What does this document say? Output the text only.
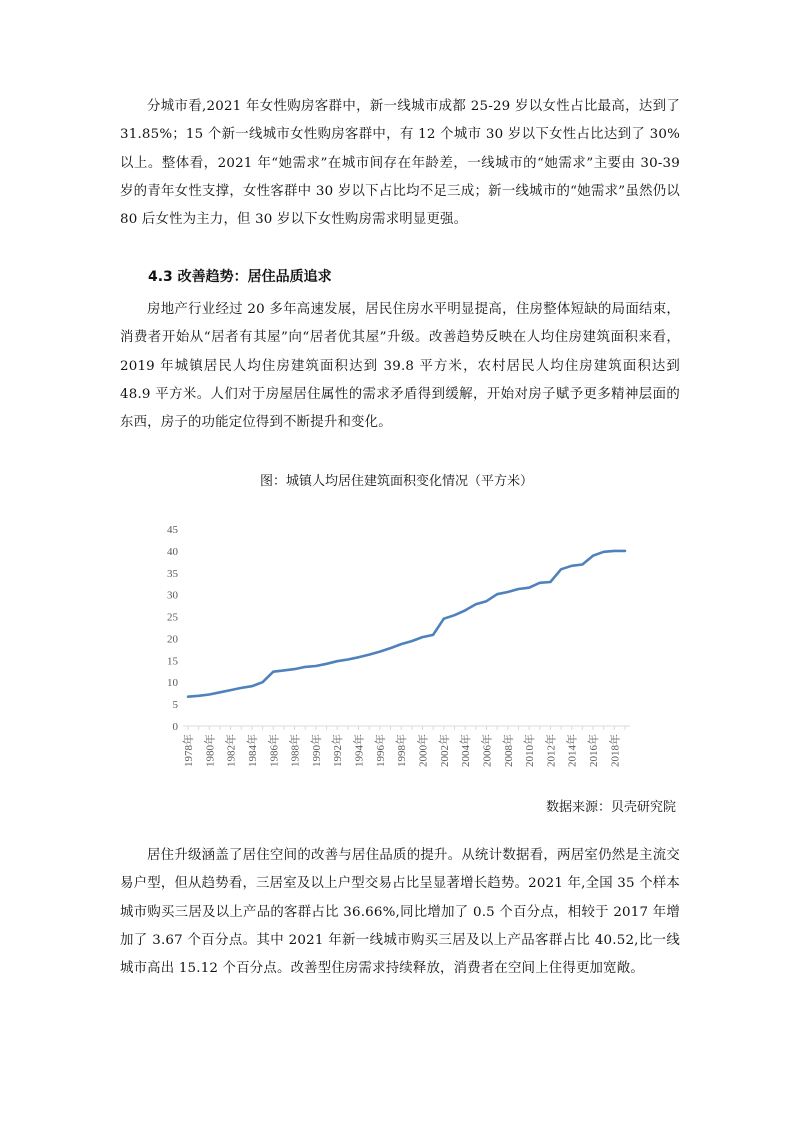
分城市看,2021 年女性购房客群中，新一线城市成都 25-29 岁以女性占比最高，达到了 31.85%；15 个新一线城市女性购房客群中，有 12 个城市 30 岁以下女性占比达到了 30%以上。整体看，2021 年“她需求”在城市间存在年龄差，一线城市的“她需求”主要由 30-39 岁的青年女性支撑，女性客群中 30 岁以下占比均不足三成；新一线城市的“她需求”虽然仍以 80 后女性为主力，但 30 岁以下女性购房需求明显更强。

4.3 改善趋势：居住品质追求

房地产行业经过 20 多年高速发展，居民住房水平明显提高，住房整体短缺的局面结束，消费者开始从“居者有其屋”向“居者优其屋”升级。改善趋势反映在人均住房建筑面积来看，2019 年城镇居民人均住房建筑面积达到 39.8 平方米，农村居民人均住房建筑面积达到 48.9 平方米。人们对于房屋居住属性的需求矛盾得到缓解，开始对房子赋予更多精神层面的东西，房子的功能定位得到不断提升和变化。

图：城镇人均居住建筑面积变化情况（平方米）

0
5
10
15
20
25
30
35
40
45
1978年 1980年 1982年 1984年 1986年 1988年 1990年 1992年 1994年 1996年 1998年 2000年 2002年 2004年 2006年 2008年 2010年 2012年 2014年 2016年 2018年

数据来源：贝壳研究院

居住升级涵盖了居住空间的改善与居住品质的提升。从统计数据看，两居室仍然是主流交易户型，但从趋势看，三居室及以上户型交易占比呈显著增长趋势。2021 年,全国 35 个样本城市购买三居及以上产品的客群占比 36.66%,同比增加了 0.5 个百分点，相较于 2017 年增加了 3.67 个百分点。其中 2021 年新一线城市购买三居及以上产品客群占比 40.52,比一线城市高出 15.12 个百分点。改善型住房需求持续释放，消费者在空间上住得更加宽敞。
